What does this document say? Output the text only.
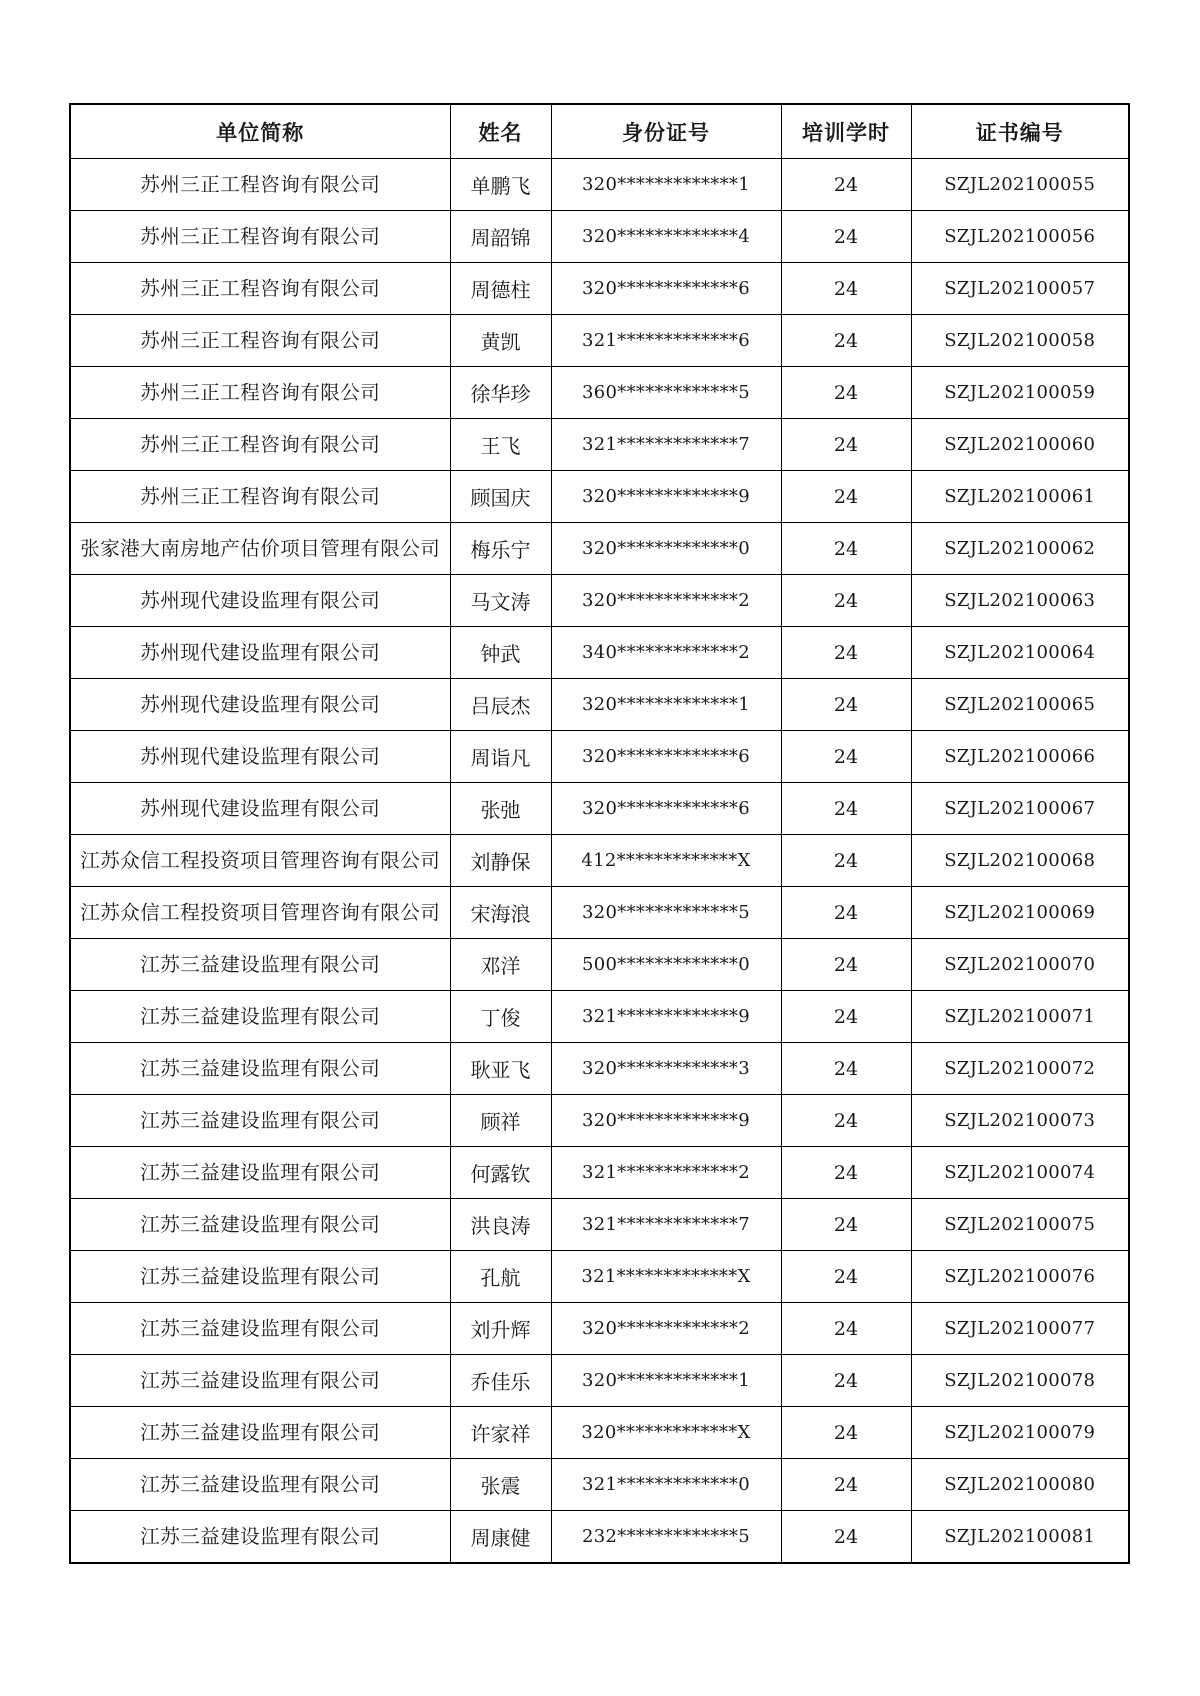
单位简称	姓名	身份证号	培训学时	证书编号
苏州三正工程咨询有限公司	单鹏飞	320*************1	24	SZJL202100055
苏州三正工程咨询有限公司	周韶锦	320*************4	24	SZJL202100056
苏州三正工程咨询有限公司	周德柱	320*************6	24	SZJL202100057
苏州三正工程咨询有限公司	黄凯	321*************6	24	SZJL202100058
苏州三正工程咨询有限公司	徐华珍	360*************5	24	SZJL202100059
苏州三正工程咨询有限公司	王飞	321*************7	24	SZJL202100060
苏州三正工程咨询有限公司	顾国庆	320*************9	24	SZJL202100061
张家港大南房地产估价项目管理有限公司	梅乐宁	320*************0	24	SZJL202100062
苏州现代建设监理有限公司	马文涛	320*************2	24	SZJL202100063
苏州现代建设监理有限公司	钟武	340*************2	24	SZJL202100064
苏州现代建设监理有限公司	吕辰杰	320*************1	24	SZJL202100065
苏州现代建设监理有限公司	周诣凡	320*************6	24	SZJL202100066
苏州现代建设监理有限公司	张弛	320*************6	24	SZJL202100067
江苏众信工程投资项目管理咨询有限公司	刘静保	412*************X	24	SZJL202100068
江苏众信工程投资项目管理咨询有限公司	宋海浪	320*************5	24	SZJL202100069
江苏三益建设监理有限公司	邓洋	500*************0	24	SZJL202100070
江苏三益建设监理有限公司	丁俊	321*************9	24	SZJL202100071
江苏三益建设监理有限公司	耿亚飞	320*************3	24	SZJL202100072
江苏三益建设监理有限公司	顾祥	320*************9	24	SZJL202100073
江苏三益建设监理有限公司	何露钦	321*************2	24	SZJL202100074
江苏三益建设监理有限公司	洪良涛	321*************7	24	SZJL202100075
江苏三益建设监理有限公司	孔航	321*************X	24	SZJL202100076
江苏三益建设监理有限公司	刘升辉	320*************2	24	SZJL202100077
江苏三益建设监理有限公司	乔佳乐	320*************1	24	SZJL202100078
江苏三益建设监理有限公司	许家祥	320*************X	24	SZJL202100079
江苏三益建设监理有限公司	张震	321*************0	24	SZJL202100080
江苏三益建设监理有限公司	周康健	232*************5	24	SZJL202100081
